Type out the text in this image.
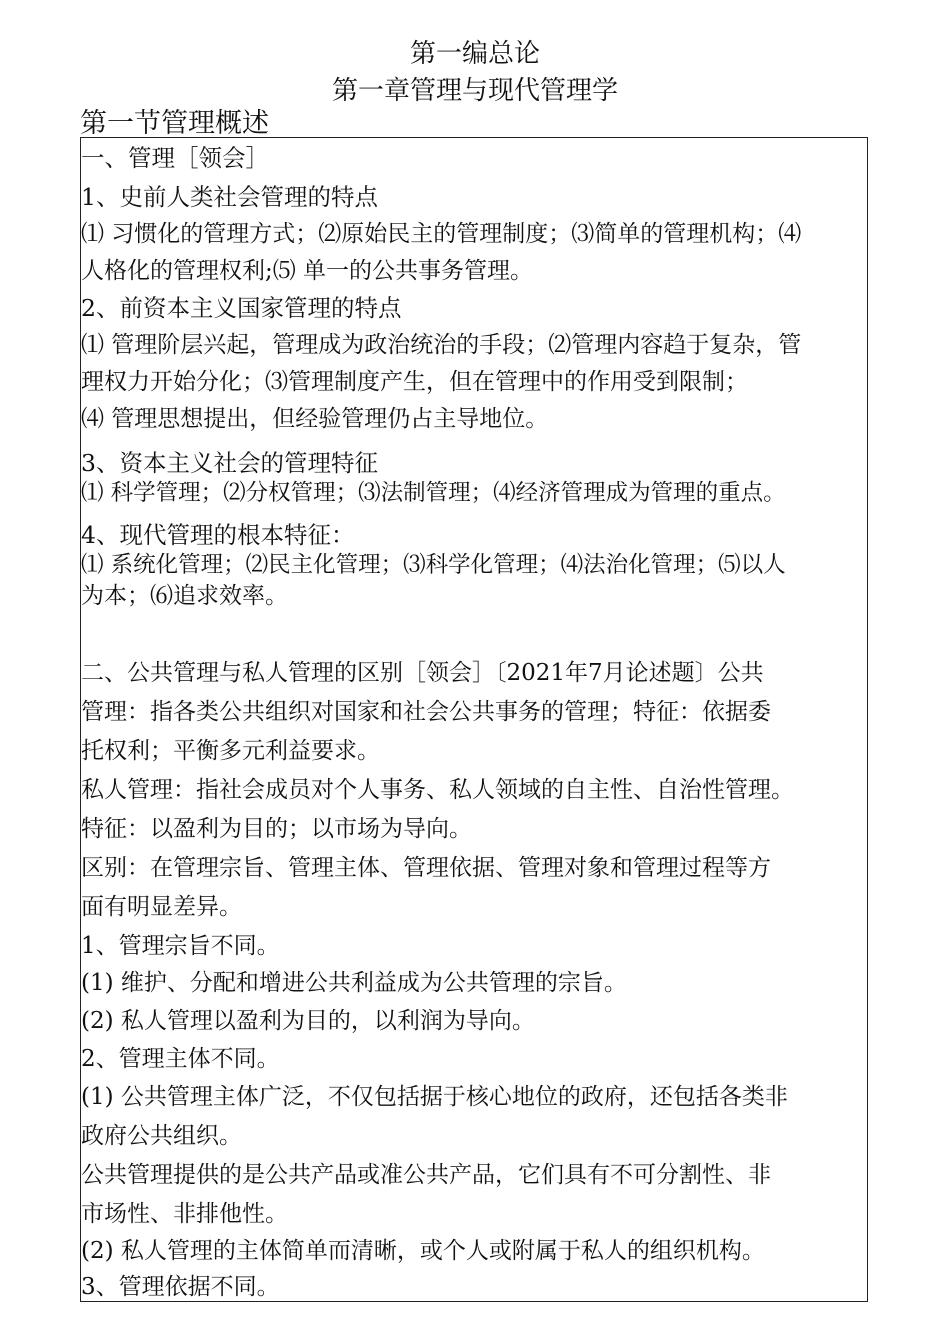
第一编总论
第一章管理与现代管理学
第一节管理概述
一、管理［领会］
1、史前人类社会管理的特点
⑴ 习惯化的管理方式；⑵原始民主的管理制度；⑶简单的管理机构；⑷
人格化的管理权利;⑸ 单一的公共事务管理。
2、前资本主义国家管理的特点
⑴ 管理阶层兴起，管理成为政治统治的手段；⑵管理内容趋于复杂，管
理权力开始分化；⑶管理制度产生，但在管理中的作用受到限制；
⑷ 管理思想提出，但经验管理仍占主导地位。
3、资本主义社会的管理特征
⑴ 科学管理；⑵分权管理；⑶法制管理；⑷经济管理成为管理的重点。
4、现代管理的根本特征：
⑴ 系统化管理；⑵民主化管理；⑶科学化管理；⑷法治化管理；⑸以人
为本；⑹追求效率。
二、公共管理与私人管理的区别［领会］〔2021年7月论述题〕公共
管理：指各类公共组织对国家和社会公共事务的管理；特征：依据委
托权利；平衡多元利益要求。
私人管理：指社会成员对个人事务、私人领域的自主性、自治性管理。
特征：以盈利为目的；以市场为导向。
区别：在管理宗旨、管理主体、管理依据、管理对象和管理过程等方
面有明显差异。
1、管理宗旨不同。
(1) 维护、分配和增进公共利益成为公共管理的宗旨。
(2) 私人管理以盈利为目的，以利润为导向。
2、管理主体不同。
(1) 公共管理主体广泛，不仅包括据于核心地位的政府，还包括各类非
政府公共组织。
公共管理提供的是公共产品或准公共产品，它们具有不可分割性、非
市场性、非排他性。
(2) 私人管理的主体简单而清晰，或个人或附属于私人的组织机构。
3、管理依据不同。
